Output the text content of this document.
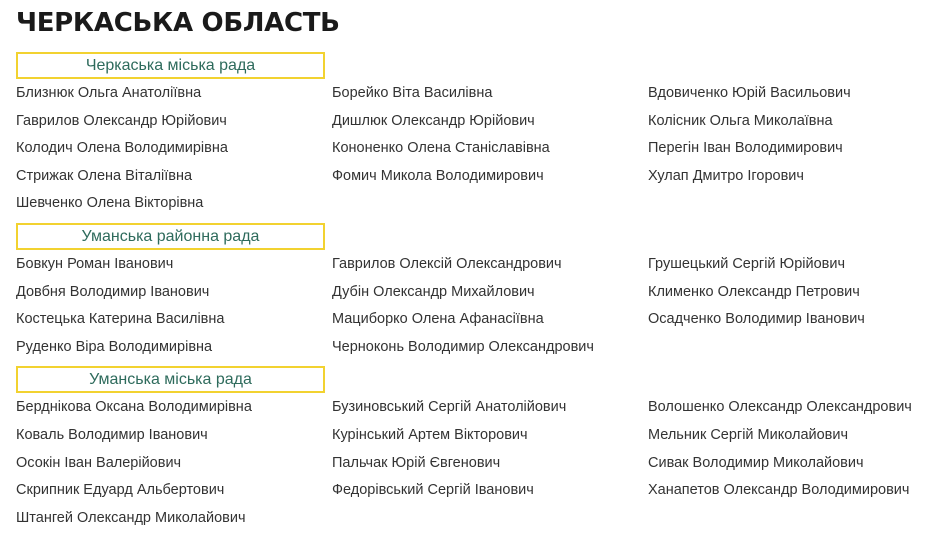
ЧЕРКАСЬКА ОБЛАСТЬ
Черкаська міська рада
Близнюк Ольга Анатоліївна	Борейко Віта Василівна	Вдовиченко Юрій Васильович
Гаврилов Олександр Юрійович	Дишлюк Олександр Юрійович	Колісник Ольга Миколаївна
Колодич Олена Володимирівна	Кононенко Олена Станіславівна	Перегін Іван Володимирович
Стрижак Олена Віталіївна	Фомич Микола Володимирович	Хулап Дмитро Ігорович
Шевченко Олена Вікторівна
Уманська районна рада
Бовкун Роман Іванович	Гаврилов Олексій Олександрович	Грушецький Сергій Юрійович
Довбня Володимир Іванович	Дубін Олександр Михайлович	Клименко Олександр Петрович
Костецька Катерина Василівна	Мациборко Олена Афанасіївна	Осадченко Володимир Іванович
Руденко Віра Володимирівна	Черноконь Володимир Олександрович
Уманська міська рада
Берднікова Оксана Володимирівна	Бузиновський Сергій Анатолійович	Волошенко Олександр Олександрович
Коваль Володимир Іванович	Курінський Артем Вікторович	Мельник Сергій Миколайович
Осокін Іван Валерійович	Пальчак Юрій Євгенович	Сивак Володимир Миколайович
Скрипник Едуард Альбертович	Федорівський Сергій Іванович	Ханапетов Олександр Володимирович
Штангей Олександр Миколайович
